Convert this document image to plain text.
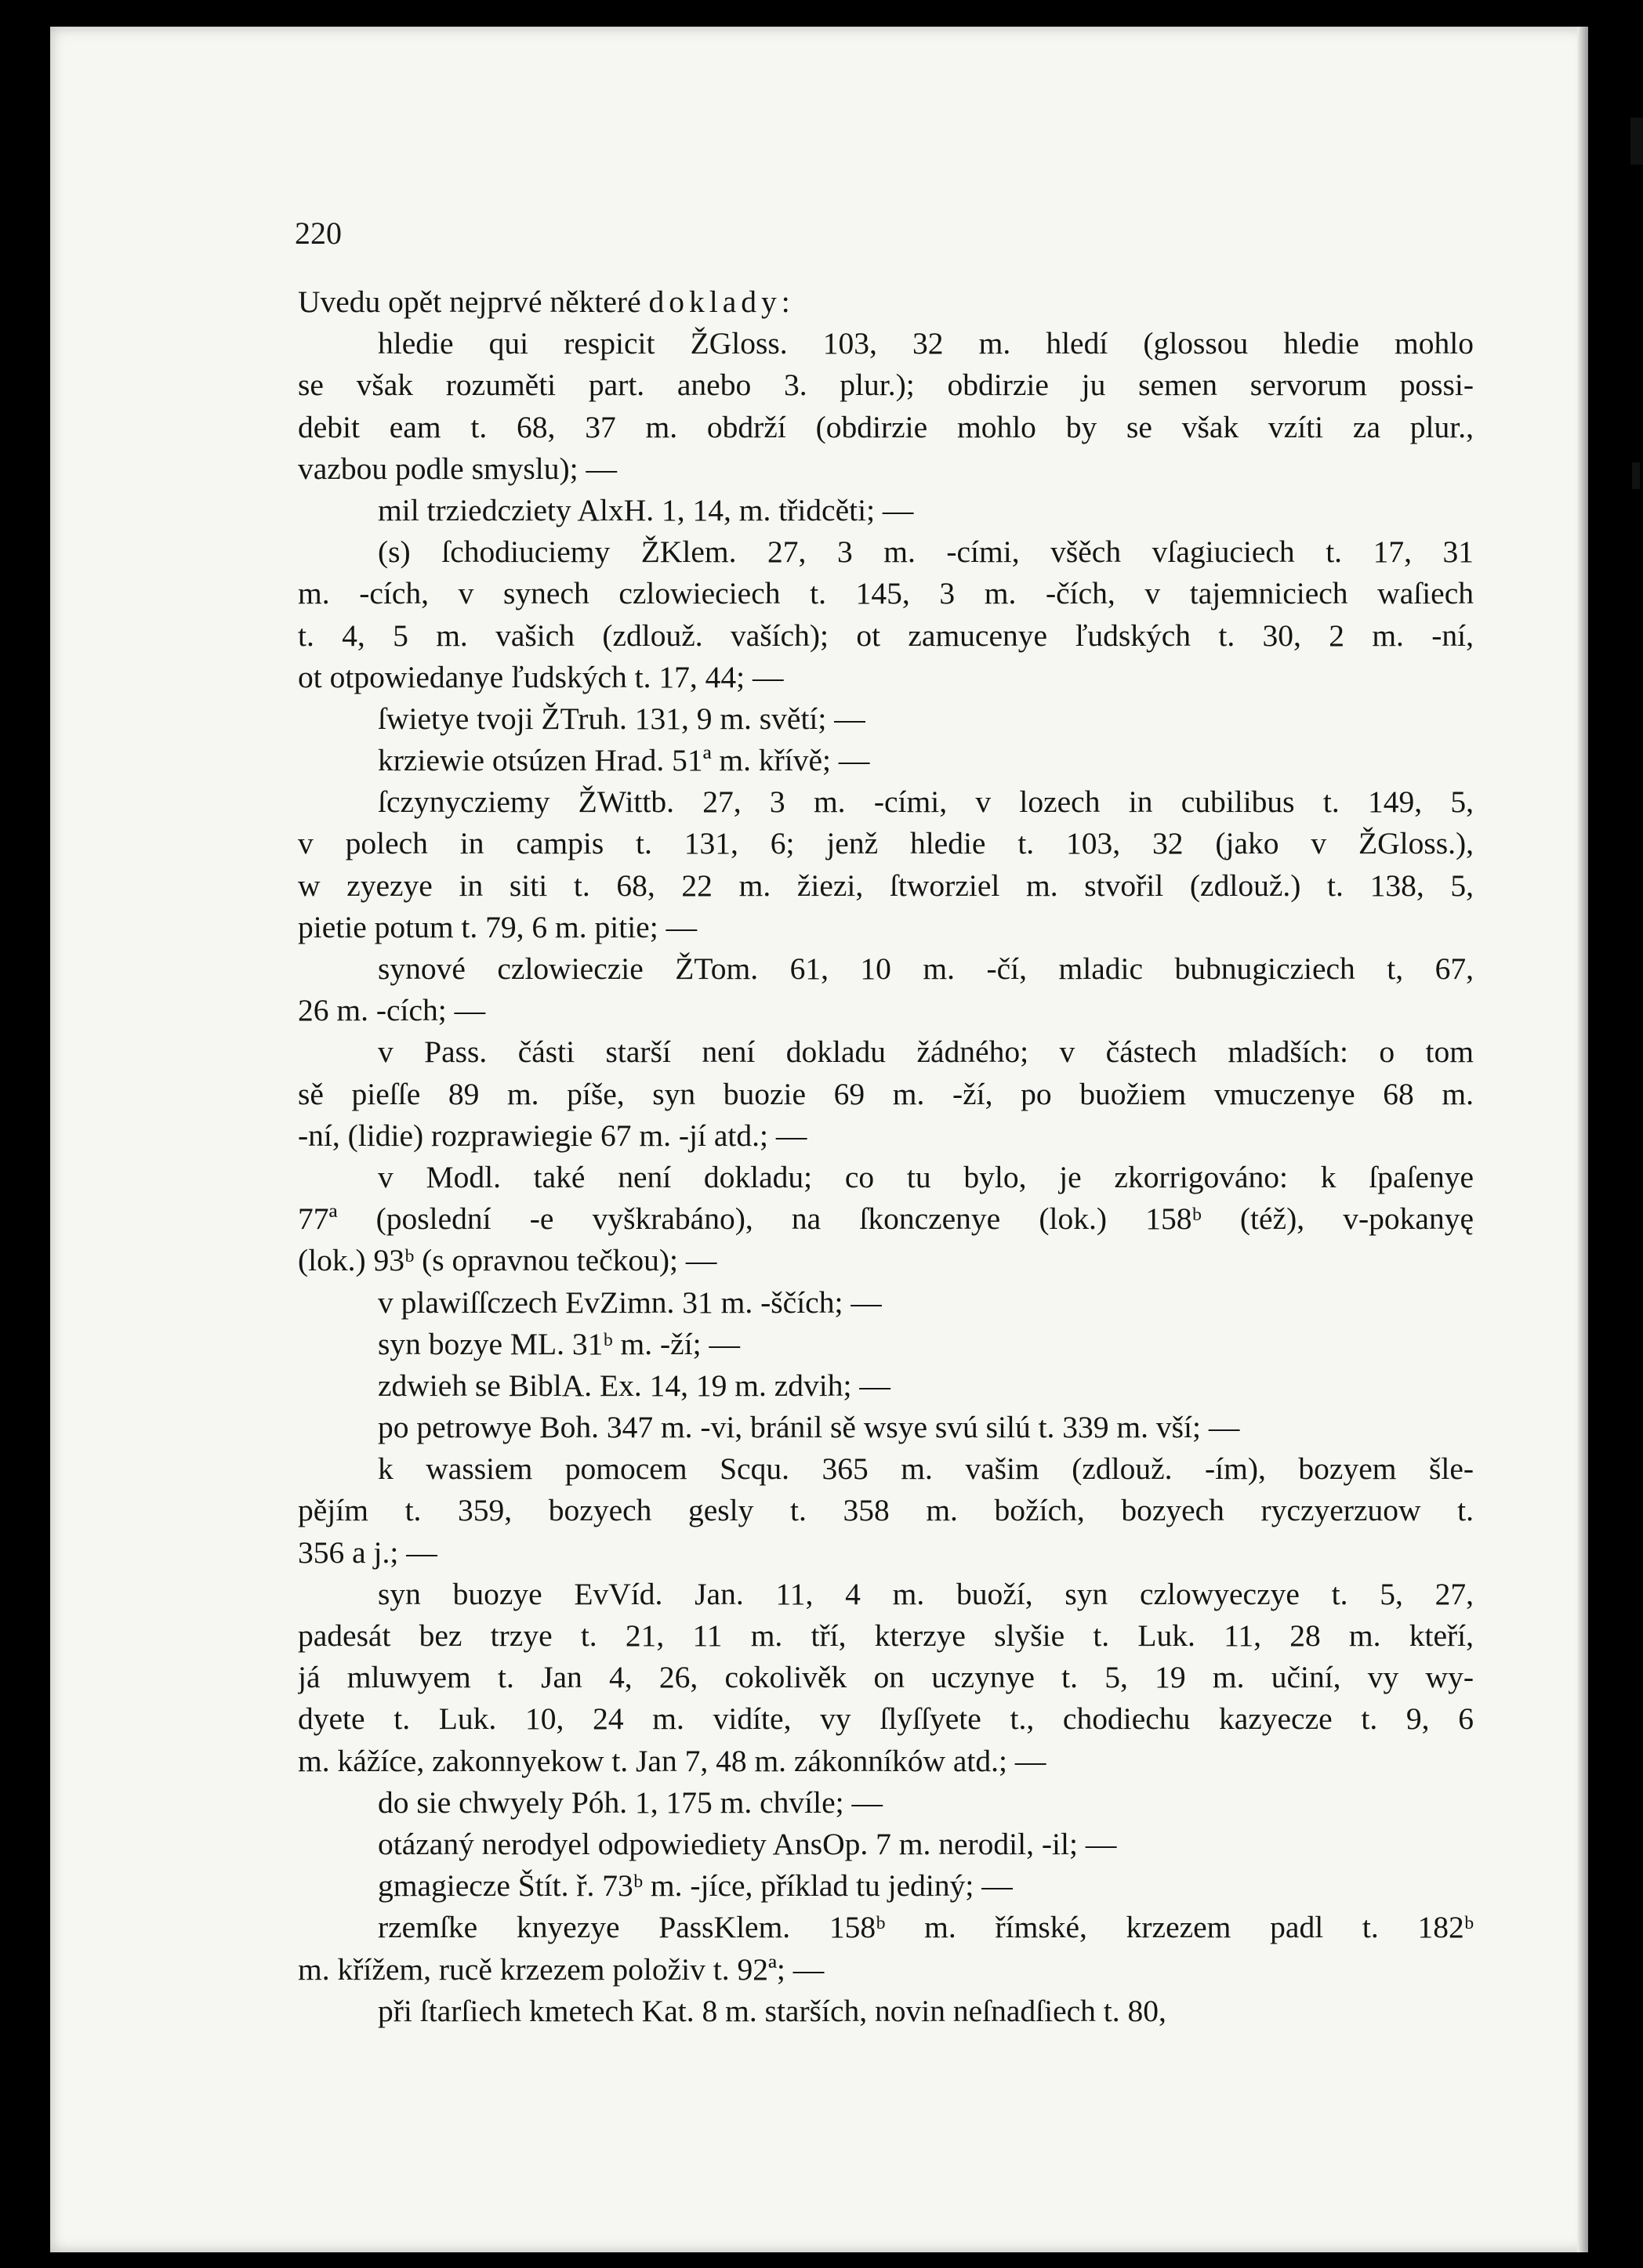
220
Uvedu opět nejprvé některé doklady:
hledie qui respicit ŽGloss. 103, 32 m. hledí (glossou hledie mohlo
se však rozuměti part. anebo 3. plur.); obdirzie ju semen servorum possi-
debit eam t. 68, 37 m. obdrží (obdirzie mohlo by se však vzíti za plur.,
vazbou podle smyslu); —
mil trziedcziety AlxH. 1, 14, m. třidcěti; —
(s) ſchodiuciemy ŽKlem. 27, 3 m. -cími, všěch vſagiuciech t. 17, 31
m. -cích, v synech czlowieciech t. 145, 3 m. -čích, v tajemniciech waſiech
t. 4, 5 m. vašich (zdlouž. vaších); ot zamucenye ľudských t. 30, 2 m. -ní,
ot otpowiedanye ľudských t. 17, 44; —
ſwietye tvoji ŽTruh. 131, 9 m. světí; —
krziewie otsúzen Hrad. 51ª m. křívě; —
ſczynycziemy ŽWittb. 27, 3 m. -cími, v lozech in cubilibus t. 149, 5,
v polech in campis t. 131, 6; jenž hledie t. 103, 32 (jako v ŽGloss.),
w zyezye in siti t. 68, 22 m. žiezi, ſtworziel m. stvořil (zdlouž.) t. 138, 5,
pietie potum t. 79, 6 m. pitie; —
synové czlowieczie ŽTom. 61, 10 m. -čí, mladic bubnugicziech t, 67,
26 m. -cích; —
v Pass. části starší není dokladu žádného; v částech mladších: o tom
sě pieſſe 89 m. píše, syn buozie 69 m. -ží, po buožiem vmuczenye 68 m.
-ní, (lidie) rozprawiegie 67 m. -jí atd.; —
v Modl. také není dokladu; co tu bylo, je zkorrigováno: k ſpaſenye
77ª (poslední -e vyškrabáno), na ſkonczenye (lok.) 158ᵇ (též), v-pokanyę
(lok.) 93ᵇ (s opravnou tečkou); —
v plawiſſczech EvZimn. 31 m. -ščích; —
syn bozye ML. 31ᵇ m. -ží; —
zdwieh se BiblA. Ex. 14, 19 m. zdvih; —
po petrowye Boh. 347 m. -vi, bránil sě wsye svú silú t. 339 m. vší; —
k wassiem pomocem Scqu. 365 m. vašim (zdlouž. -ím), bozyem šle-
pějím t. 359, bozyech gesly t. 358 m. božích, bozyech ryczyerzuow t.
356 a j.; —
syn buozye EvVíd. Jan. 11, 4 m. buoží, syn czlowyeczye t. 5, 27,
padesát bez trzye t. 21, 11 m. tří, kterzye slyšie t. Luk. 11, 28 m. kteří,
já mluwyem t. Jan 4, 26, cokolivěk on uczynye t. 5, 19 m. učiní, vy wy-
dyete t. Luk. 10, 24 m. vidíte, vy ſlyſſyete t., chodiechu kazyecze t. 9, 6
m. kážíce, zakonnyekow t. Jan 7, 48 m. zákonníków atd.; —
do sie chwyely Póh. 1, 175 m. chvíle; —
otázaný nerodyel odpowiediety AnsOp. 7 m. nerodil, -il; —
gmagiecze Štít. ř. 73ᵇ m. -jíce, příklad tu jediný; —
rzemſke knyezye PassKlem. 158ᵇ m. římské, krzezem padl t. 182ᵇ
m. křížem, rucě krzezem položiv t. 92ª; —
při ſtarſiech kmetech Kat. 8 m. starších, novin neſnadſiech t. 80,
